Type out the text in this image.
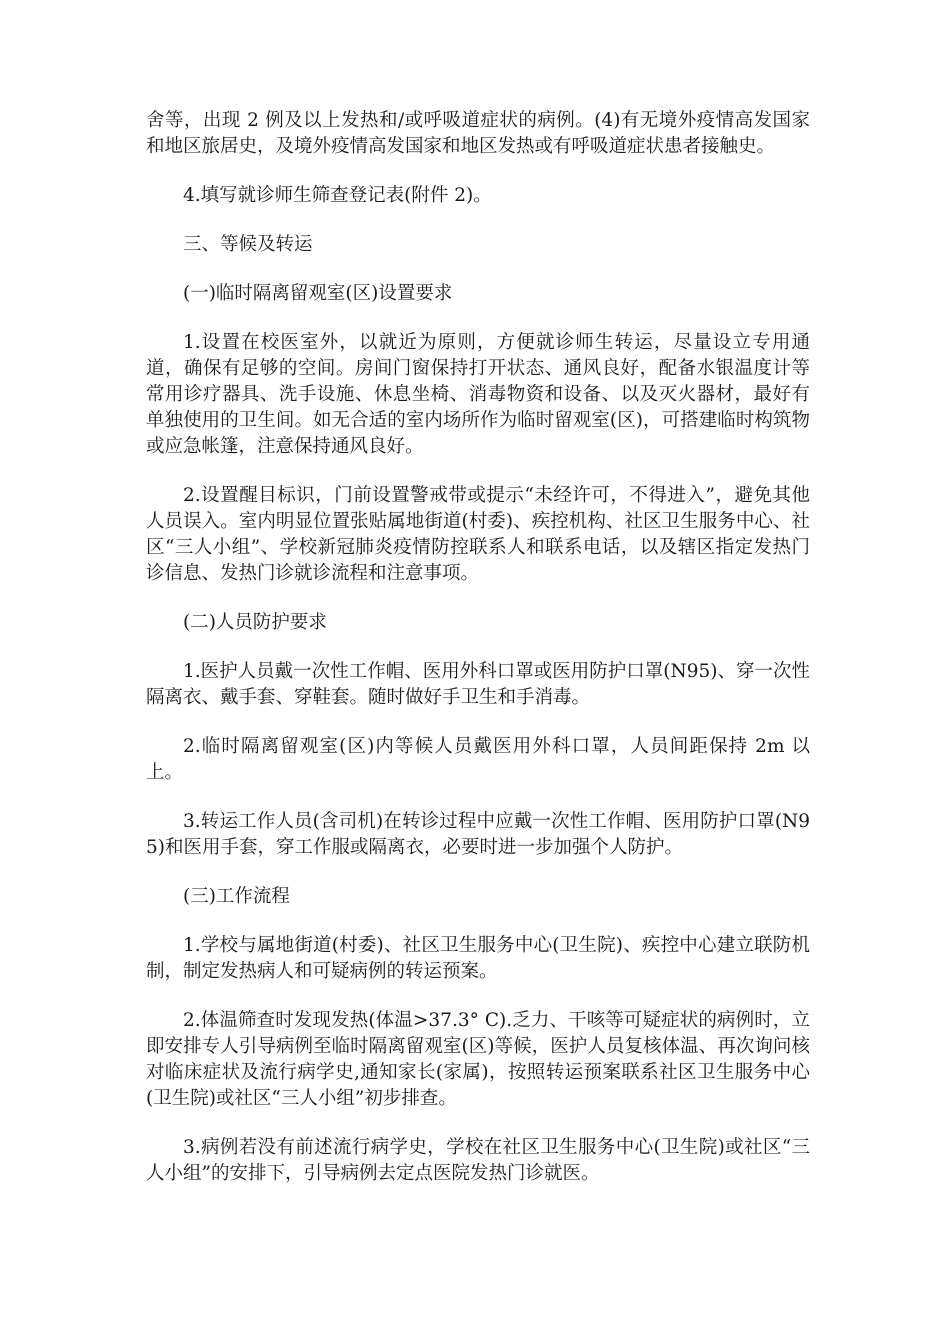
舍等，出现 2 例及以上发热和/或呼吸道症状的病例。(4)有无境外疫情高发国家和地区旅居史，及境外疫情高发国家和地区发热或有呼吸道症状患者接触史。

4.填写就诊师生筛查登记表(附件 2)。

三、等候及转运

(一)临时隔离留观室(区)设置要求

1.设置在校医室外，以就近为原则，方便就诊师生转运，尽量设立专用通道，确保有足够的空间。房间门窗保持打开状态、通风良好，配备水银温度计等常用诊疗器具、洗手设施、休息坐椅、消毒物资和设备、以及灭火器材，最好有单独使用的卫生间。如无合适的室内场所作为临时留观室(区)，可搭建临时构筑物或应急帐篷，注意保持通风良好。

2.设置醒目标识，门前设置警戒带或提示“未经许可，不得进入”，避免其他人员误入。室内明显位置张贴属地街道(村委)、疾控机构、社区卫生服务中心、社区“三人小组”、学校新冠肺炎疫情防控联系人和联系电话，以及辖区指定发热门诊信息、发热门诊就诊流程和注意事项。

(二)人员防护要求

1.医护人员戴一次性工作帽、医用外科口罩或医用防护口罩(N95)、穿一次性隔离衣、戴手套、穿鞋套。随时做好手卫生和手消毒。

2.临时隔离留观室(区)内等候人员戴医用外科口罩，人员间距保持 2m 以上。

3.转运工作人员(含司机)在转诊过程中应戴一次性工作帽、医用防护口罩(N95)和医用手套，穿工作服或隔离衣，必要时进一步加强个人防护。

(三)工作流程

1.学校与属地街道(村委)、社区卫生服务中心(卫生院)、疾控中心建立联防机制，制定发热病人和可疑病例的转运预案。

2.体温筛查时发现发热(体温>37.3° C).乏力、干咳等可疑症状的病例时，立即安排专人引导病例至临时隔离留观室(区)等候，医护人员复核体温、再次询问核对临床症状及流行病学史,通知家长(家属)，按照转运预案联系社区卫生服务中心(卫生院)或社区“三人小组”初步排查。

3.病例若没有前述流行病学史，学校在社区卫生服务中心(卫生院)或社区“三人小组”的安排下，引导病例去定点医院发热门诊就医。
